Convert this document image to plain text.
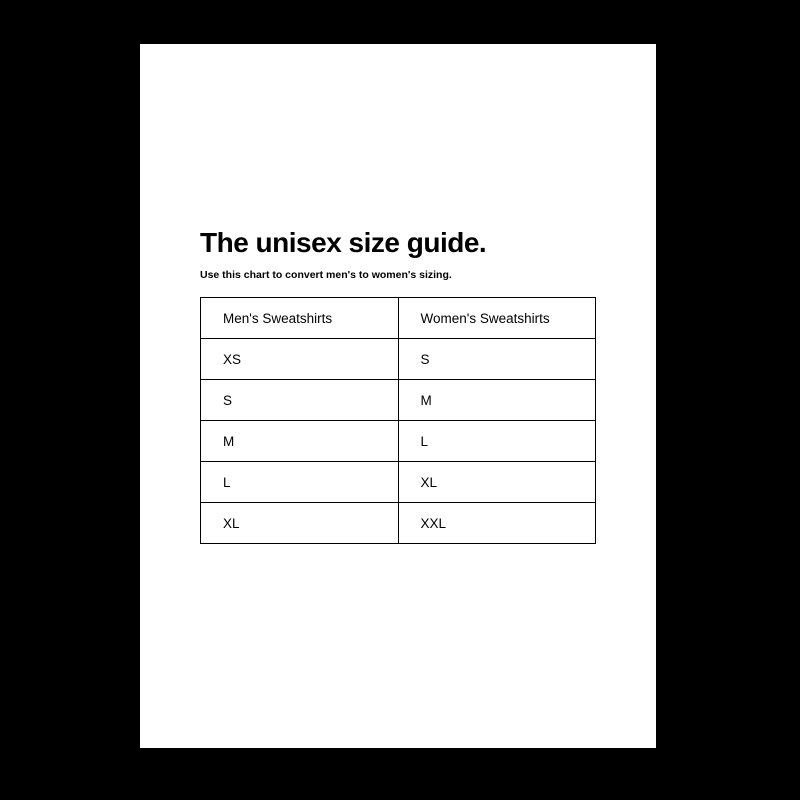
The unisex size guide.

Use this chart to convert men's to women's sizing.

Men's Sweatshirts	Women's Sweatshirts
XS	S
S	M
M	L
L	XL
XL	XXL
